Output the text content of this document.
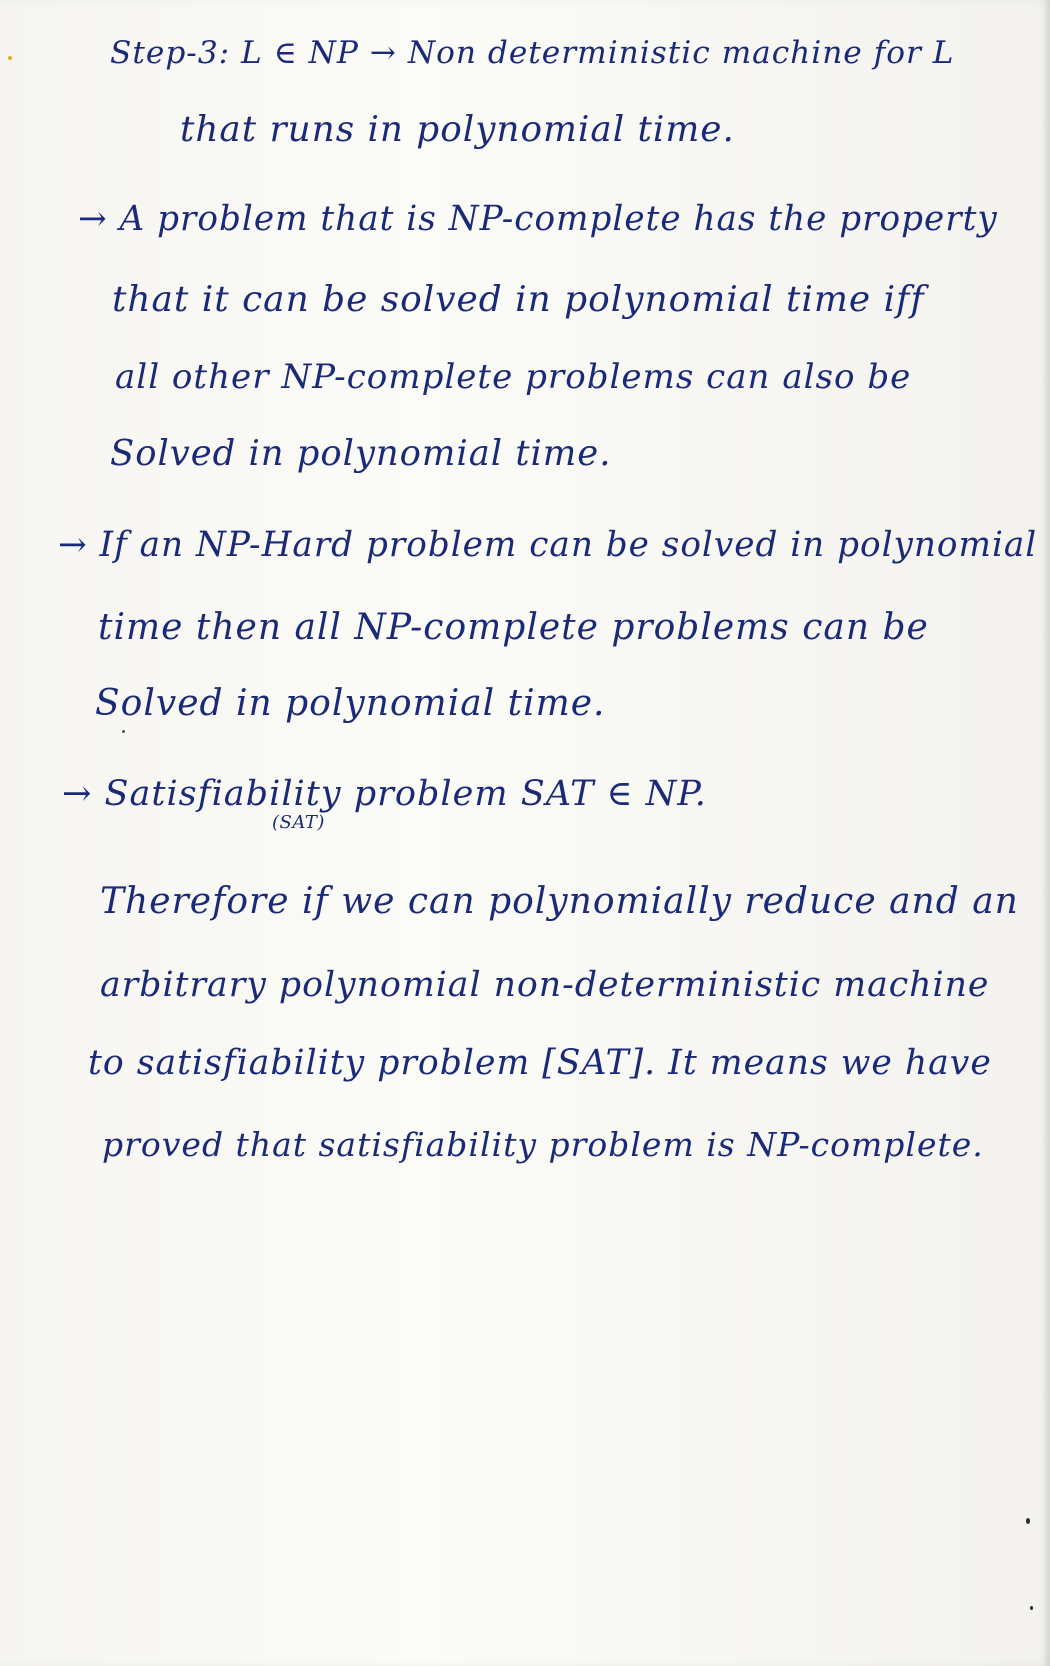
Step-3: L ∈ NP → Non deterministic machine for L
that runs in polynomial time.
→ A problem that is NP-complete has the property
that it can be solved in polynomial time iff
all other NP-complete problems can also be
Solved in polynomial time.
→ If an NP-Hard problem can be solved in polynomial
time then all NP-complete problems can be
Solved in polynomial time.
→ Satisfiability problem SAT ∈ NP.
(SAT)
Therefore if we can polynomially reduce and an
arbitrary polynomial non-deterministic machine
to satisfiability problem [SAT]. It means we have
proved that satisfiability problem is NP-complete.
